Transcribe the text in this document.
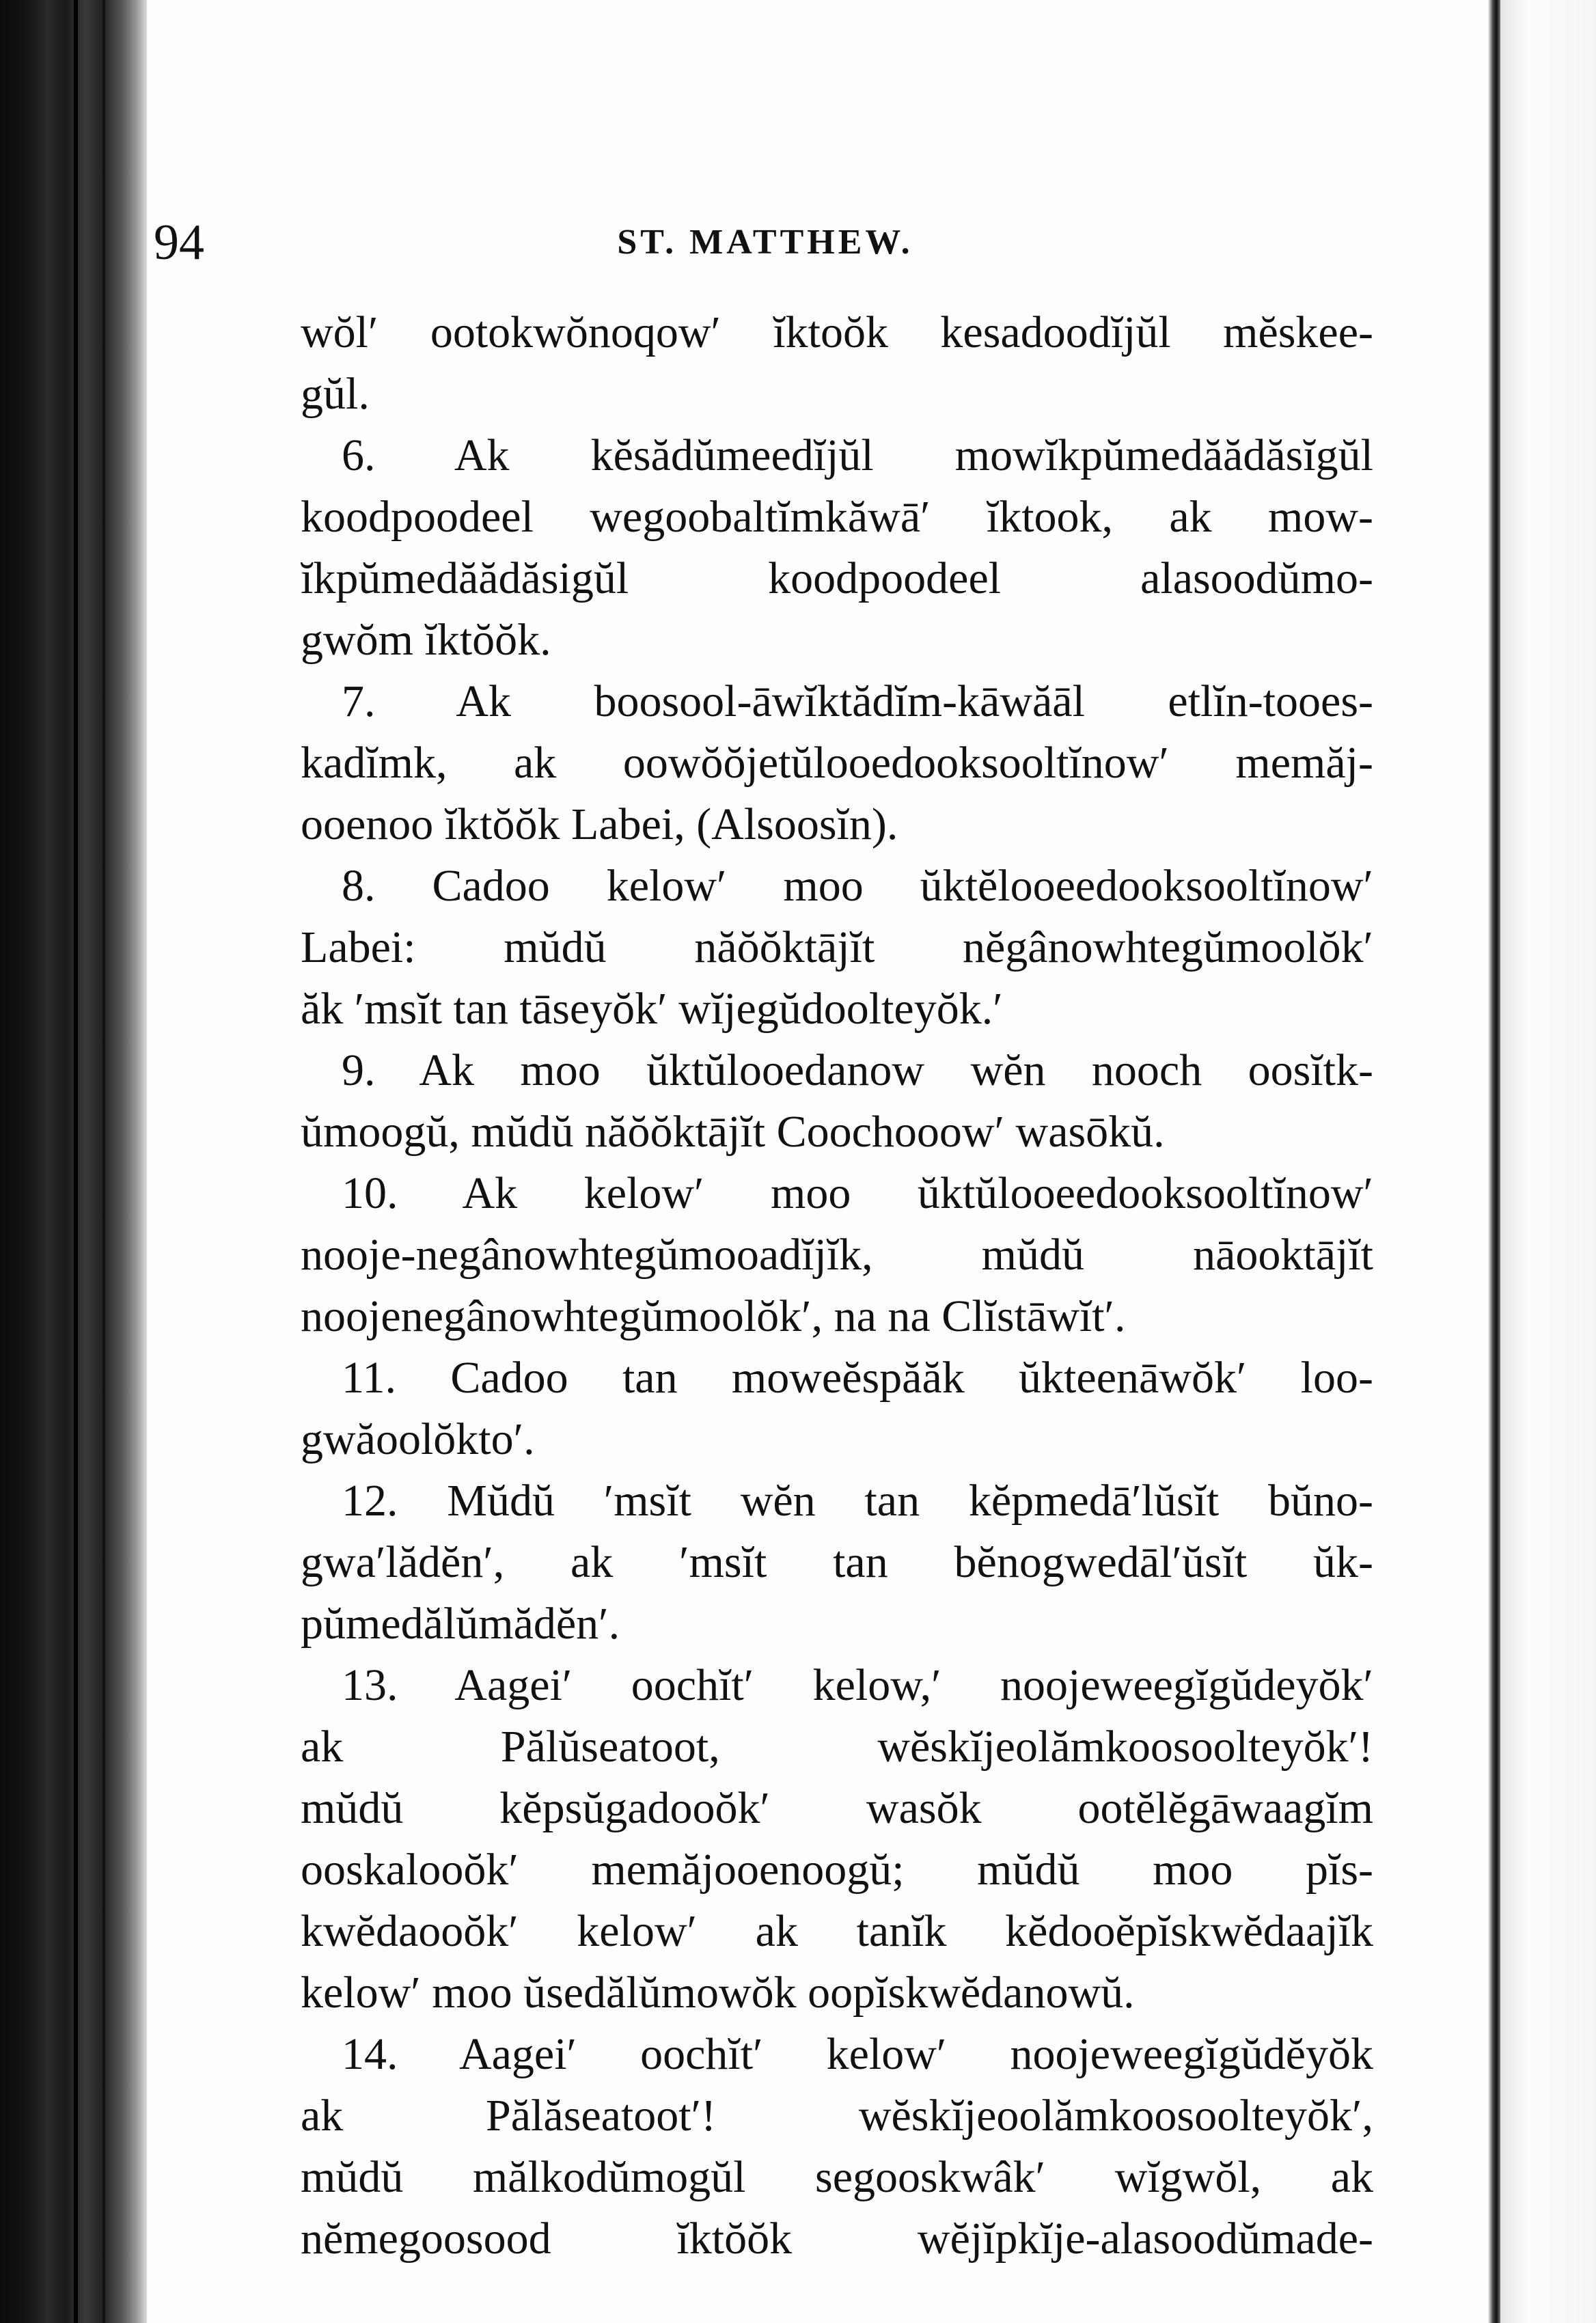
94	ST. MATTHEW.
wŏl′ ootokwŏnoqow′ ĭktoŏk kesadoodĭjŭl mĕskee-
gŭl.
6. Ak kĕsădŭmeedĭjŭl mowĭkpŭmedăădăsĭgŭl
koodpoodeel wegoobaltĭmkăwā′ ĭktook, ak mow-
ĭkpŭmedăădăsigŭl koodpoodeel alasoodŭmo-
gwŏm ĭktŏŏk.
7. Ak boosool-āwĭktădĭm-kāwăāl etlĭn-tooes-
kadĭmk, ak oowŏŏjetŭlooedooksooltĭnow′ memăj-
ooenoo ĭktŏŏk Labei, (Alsoosĭn).
8. Cadoo kelow′ moo ŭktĕlooeedooksooltĭnow′
Labei: mŭdŭ năŏŏktājĭt nĕgânowhtegŭmoolŏk′
ăk ′msĭt tan tāseyŏk′ wĭjegŭdoolteyŏk.′
9. Ak moo ŭktŭlooedanow wĕn nooch oosĭtk-
ŭmoogŭ, mŭdŭ năŏŏktājĭt Coochooow′ wasōkŭ.
10. Ak kelow′ moo ŭktŭlooeedooksooltĭnow′
nooje-negânowhtegŭmooadĭjĭk, mŭdŭ nāooktājĭt
noojenegânowhtegŭmoolŏk′, na na Clĭstāwĭt′.
11. Cadoo tan moweĕspăăk ŭkteenāwŏk′ loo-
gwăoolŏkto′.
12. Mŭdŭ ′msĭt wĕn tan kĕpmedā′lŭsĭt bŭno-
gwa′lădĕn′, ak ′msĭt tan bĕnogwedāl′ŭsĭt ŭk-
pŭmedălŭmădĕn′.
13. Aagei′ oochĭt′ kelow,′ noojeweegĭgŭdeyŏk′
ak Pălŭseatoot, wĕskĭjeolămkoosoolteyŏk′!
mŭdŭ kĕpsŭgadooŏk′ wasŏk ootĕlĕgāwaagĭm
ooskalooŏk′ memăjooenoogŭ; mŭdŭ moo pĭs-
kwĕdaooŏk′ kelow′ ak tanĭk kĕdooĕpĭskwĕdaajĭk
kelow′ moo ŭsedălŭmowŏk oopĭskwĕdanowŭ.
14. Aagei′ oochĭt′ kelow′ noojeweegĭgŭdĕyŏk
ak Pălăseatoot′! wĕskĭjeoolămkoosoolteyŏk′,
mŭdŭ mălkodŭmogŭl segooskwâk′ wĭgwŏl, ak
nĕmegoosood ĭktŏŏk wĕjĭpkĭje-alasoodŭmade-
